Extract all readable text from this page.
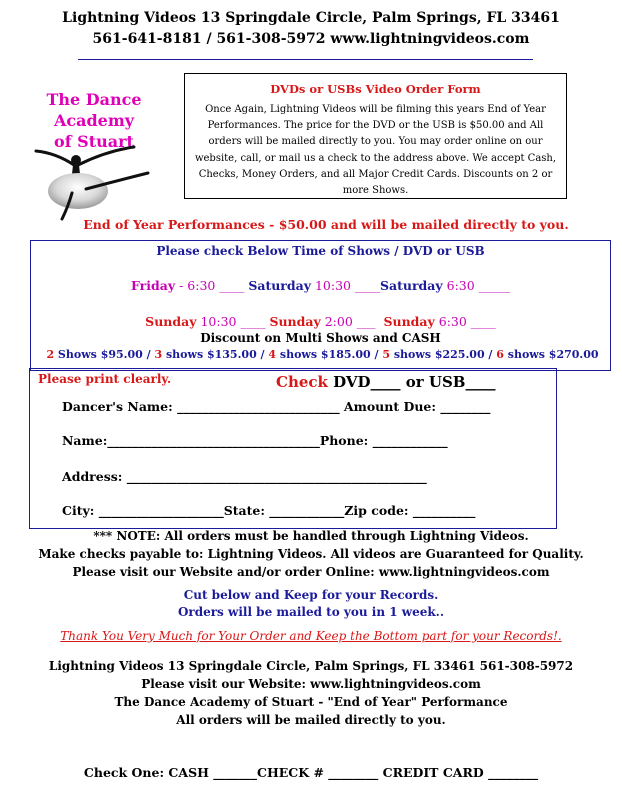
Lightning Videos 13 Springdale Circle, Palm Springs, FL 33461
561-641-8181 / 561-308-5972 www.lightningvideos.com
The Dance Academy
of Stuart
DVDs or USBs Video Order Form
Once Again, Lightning Videos will be filming this years End of Year Performances. The price for the DVD or the USB is $50.00 and All orders will be mailed directly to you. You may order online on our website, call, or mail us a check to the address above. We accept Cash, Checks, Money Orders, and all Major Credit Cards. Discounts on 2 or more Shows.
End of Year Performances - $50.00 and will be mailed directly to you.
Please check Below Time of Shows / DVD or USB
Friday - 6:30 ____ Saturday 10:30 ____Saturday 6:30 _____
Sunday 10:30 ____ Sunday 2:00 ___  Sunday 6:30 ____
Discount on Multi Shows and CASH
2 Shows $95.00 / 3 shows $135.00 / 4 shows $185.00 / 5 shows $225.00 / 6 shows $270.00
Please print clearly.	Check DVD____ or USB____
Dancer's Name: __________________________ Amount Due: ________
Name:__________________________________Phone: ____________
Address: ________________________________________________
City: ____________________State: ____________Zip code: __________
*** NOTE: All orders must be handled through Lightning Videos.
Make checks payable to: Lightning Videos. All videos are Guaranteed for Quality.
Please visit our Website and/or order Online: www.lightningvideos.com
Cut below and Keep for your Records.
Orders will be mailed to you in 1 week..
Thank You Very Much for Your Order and Keep the Bottom part for your Records!.
Lightning Videos 13 Springdale Circle, Palm Springs, FL 33461 561-308-5972
Please visit our Website: www.lightningvideos.com
The Dance Academy of Stuart - "End of Year" Performance
All orders will be mailed directly to you.
Check One: CASH _______CHECK # ________ CREDIT CARD ________
